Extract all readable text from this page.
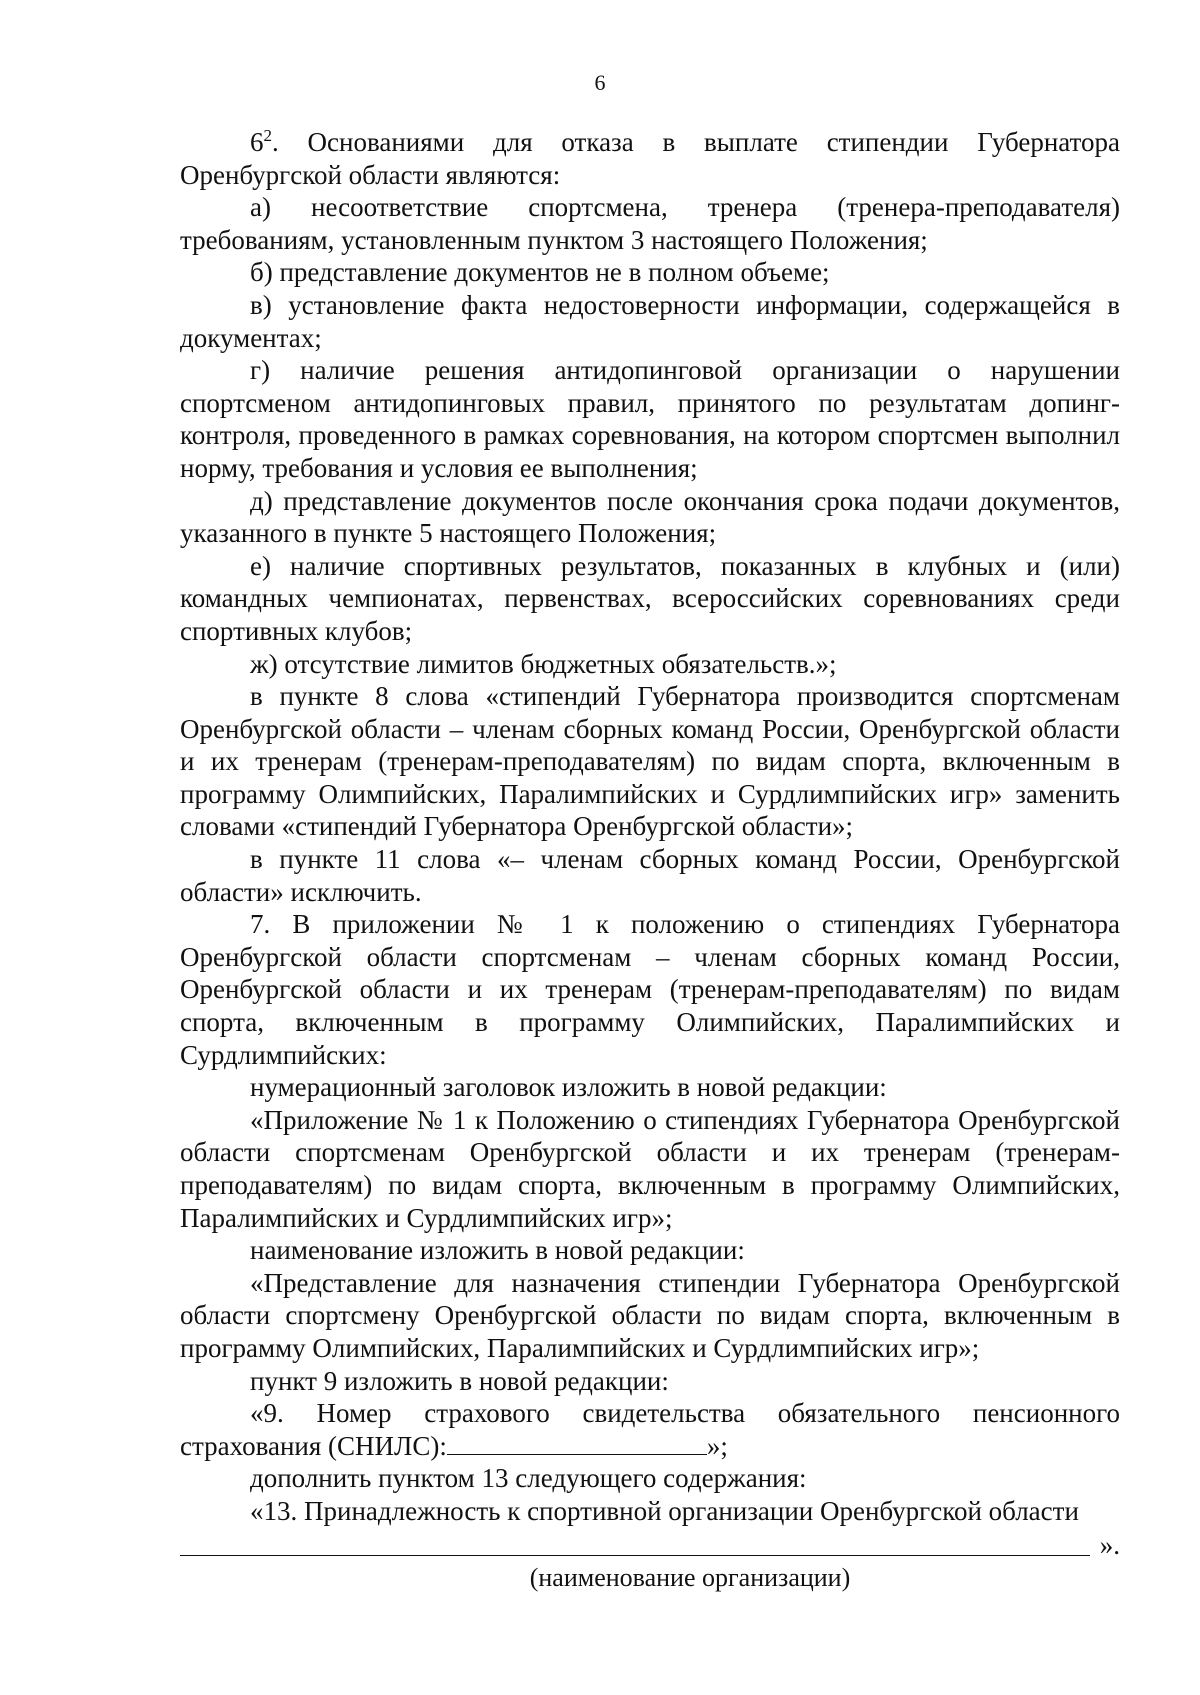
6

$6^2$. Основаниями для отказа в выплате стипендии Губернатора Оренбургской области являются:

а) несоответствие спортсмена, тренера (тренера-преподавателя) требованиям, установленным пунктом 3 настоящего Положения;

б) представление документов не в полном объеме;

в) установление факта недостоверности информации, содержащейся в документах;

г) наличие решения антидопинговой организации о нарушении спортсменом антидопинговых правил, принятого по результатам допинг-контроля, проведенного в рамках соревнования, на котором спортсмен выполнил норму, требования и условия ее выполнения;

д) представление документов после окончания срока подачи документов, указанного в пункте 5 настоящего Положения;

е) наличие спортивных результатов, показанных в клубных и (или) командных чемпионатах, первенствах, всероссийских соревнованиях среди спортивных клубов;

ж) отсутствие лимитов бюджетных обязательств.»;

в пункте 8 слова «стипендий Губернатора производится спортсменам Оренбургской области – членам сборных команд России, Оренбургской области и их тренерам (тренерам-преподавателям) по видам спорта, включенным в программу Олимпийских, Паралимпийских и Сурдлимпийских игр» заменить словами «стипендий Губернатора Оренбургской области»;

в пункте 11 слова «– членам сборных команд России, Оренбургской области» исключить.

7. В приложении № 1 к положению о стипендиях Губернатора Оренбургской области спортсменам – членам сборных команд России, Оренбургской области и их тренерам (тренерам-преподавателям) по видам спорта, включенным в программу Олимпийских, Паралимпийских и Сурдлимпийских:

нумерационный заголовок изложить в новой редакции:

«Приложение № 1 к Положению о стипендиях Губернатора Оренбургской области спортсменам Оренбургской области и их тренерам (тренерам-преподавателям) по видам спорта, включенным в программу Олимпийских, Паралимпийских и Сурдлимпийских игр»;

наименование изложить в новой редакции:

«Представление для назначения стипендии Губернатора Оренбургской области спортсмену Оренбургской области по видам спорта, включенным в программу Олимпийских, Паралимпийских и Сурдлимпийских игр»;

пункт 9 изложить в новой редакции:

«9. Номер страхового свидетельства обязательного пенсионного страхования (СНИЛС):	»;

дополнить пунктом 13 следующего содержания:

«13. Принадлежность к спортивной организации Оренбургской области

».
(наименование организации)
